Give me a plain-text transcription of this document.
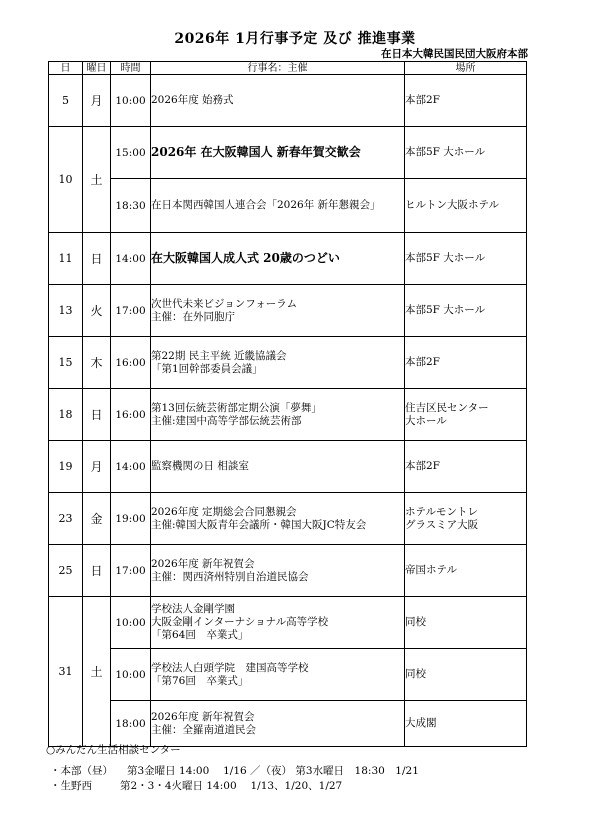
2026年 1月行事予定 及び 推進事業
在日本大韓民国民団大阪府本部
日	曜日	時間	行事名：主催	場所
5	月	10:00	2026年度 始務式	本部2F

10	土	15:00	2026年 在大阪韓国人 新春年賀交歓会	本部5F 大ホール

		18:30	在日本関西韓国人連合会「2026年 新年懇親会」	ヒルトン大阪ホテル

11	日	14:00	在大阪韓国人成人式 20歳のつどい	本部5F 大ホール

13	火	17:00	次世代未来ビジョンフォーラム
主催：在外同胞庁	本部5F 大ホール

15	木	16:00	第22期 民主平統 近畿協議会
「第1回幹部委員会議」	本部2F

18	日	16:00	第13回伝統芸術部定期公演「夢舞」
主催:建国中高等学部伝統芸術部	住吉区民センター
大ホール

19	月	14:00	監察機関の日 相談室	本部2F

23	金	19:00	2026年度 定期総会合同懇親会
主催:韓国大阪青年会議所・韓国大阪JC特友会	ホテルモントレ
グラスミア大阪

25	日	17:00	2026年度 新年祝賀会
主催：関西済州特別自治道民協会	帝国ホテル

31	土	10:00	学校法人金剛学園
大阪金剛インターナショナル高等学校
「第64回　卒業式」	同校

		10:00	学校法人白頭学院　建国高等学校
「第76回　卒業式」	同校

		18:00	2026年度 新年祝賀会
主催：全羅南道道民会	大成閣
○みんだん生活相談センター
・本部（昼） 第3金曜日 14:00　 1/16 ／（夜） 第3水曜日　18:30　1/21
・生野西	第2・3・4火曜日 14:00　 1/13、1/20、1/27
